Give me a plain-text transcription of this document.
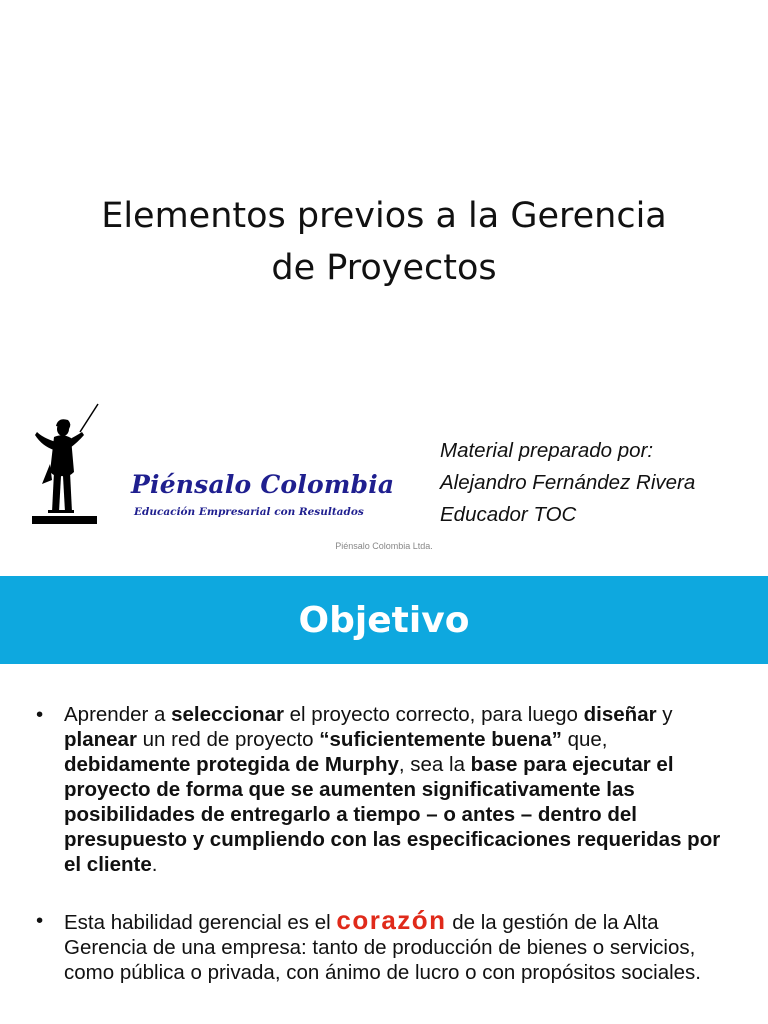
Elementos previos a la Gerencia
de Proyectos
Piénsalo Colombia
Educación Empresarial con Resultados
Material preparado por:
Alejandro Fernández Rivera
Educador TOC
Piénsalo Colombia Ltda.
Objetivo
• Aprender a seleccionar el proyecto correcto, para luego diseñar y planear un red de proyecto “suficientemente buena” que, debidamente protegida de Murphy, sea la base para ejecutar el proyecto de forma que se aumenten significativamente las posibilidades de entregarlo a tiempo – o antes – dentro del presupuesto y cumpliendo con las especificaciones requeridas por el cliente.
• Esta habilidad gerencial es el corazón de la gestión de la Alta Gerencia de una empresa: tanto de producción de bienes o servicios, como pública o privada, con ánimo de lucro o con propósitos sociales.
